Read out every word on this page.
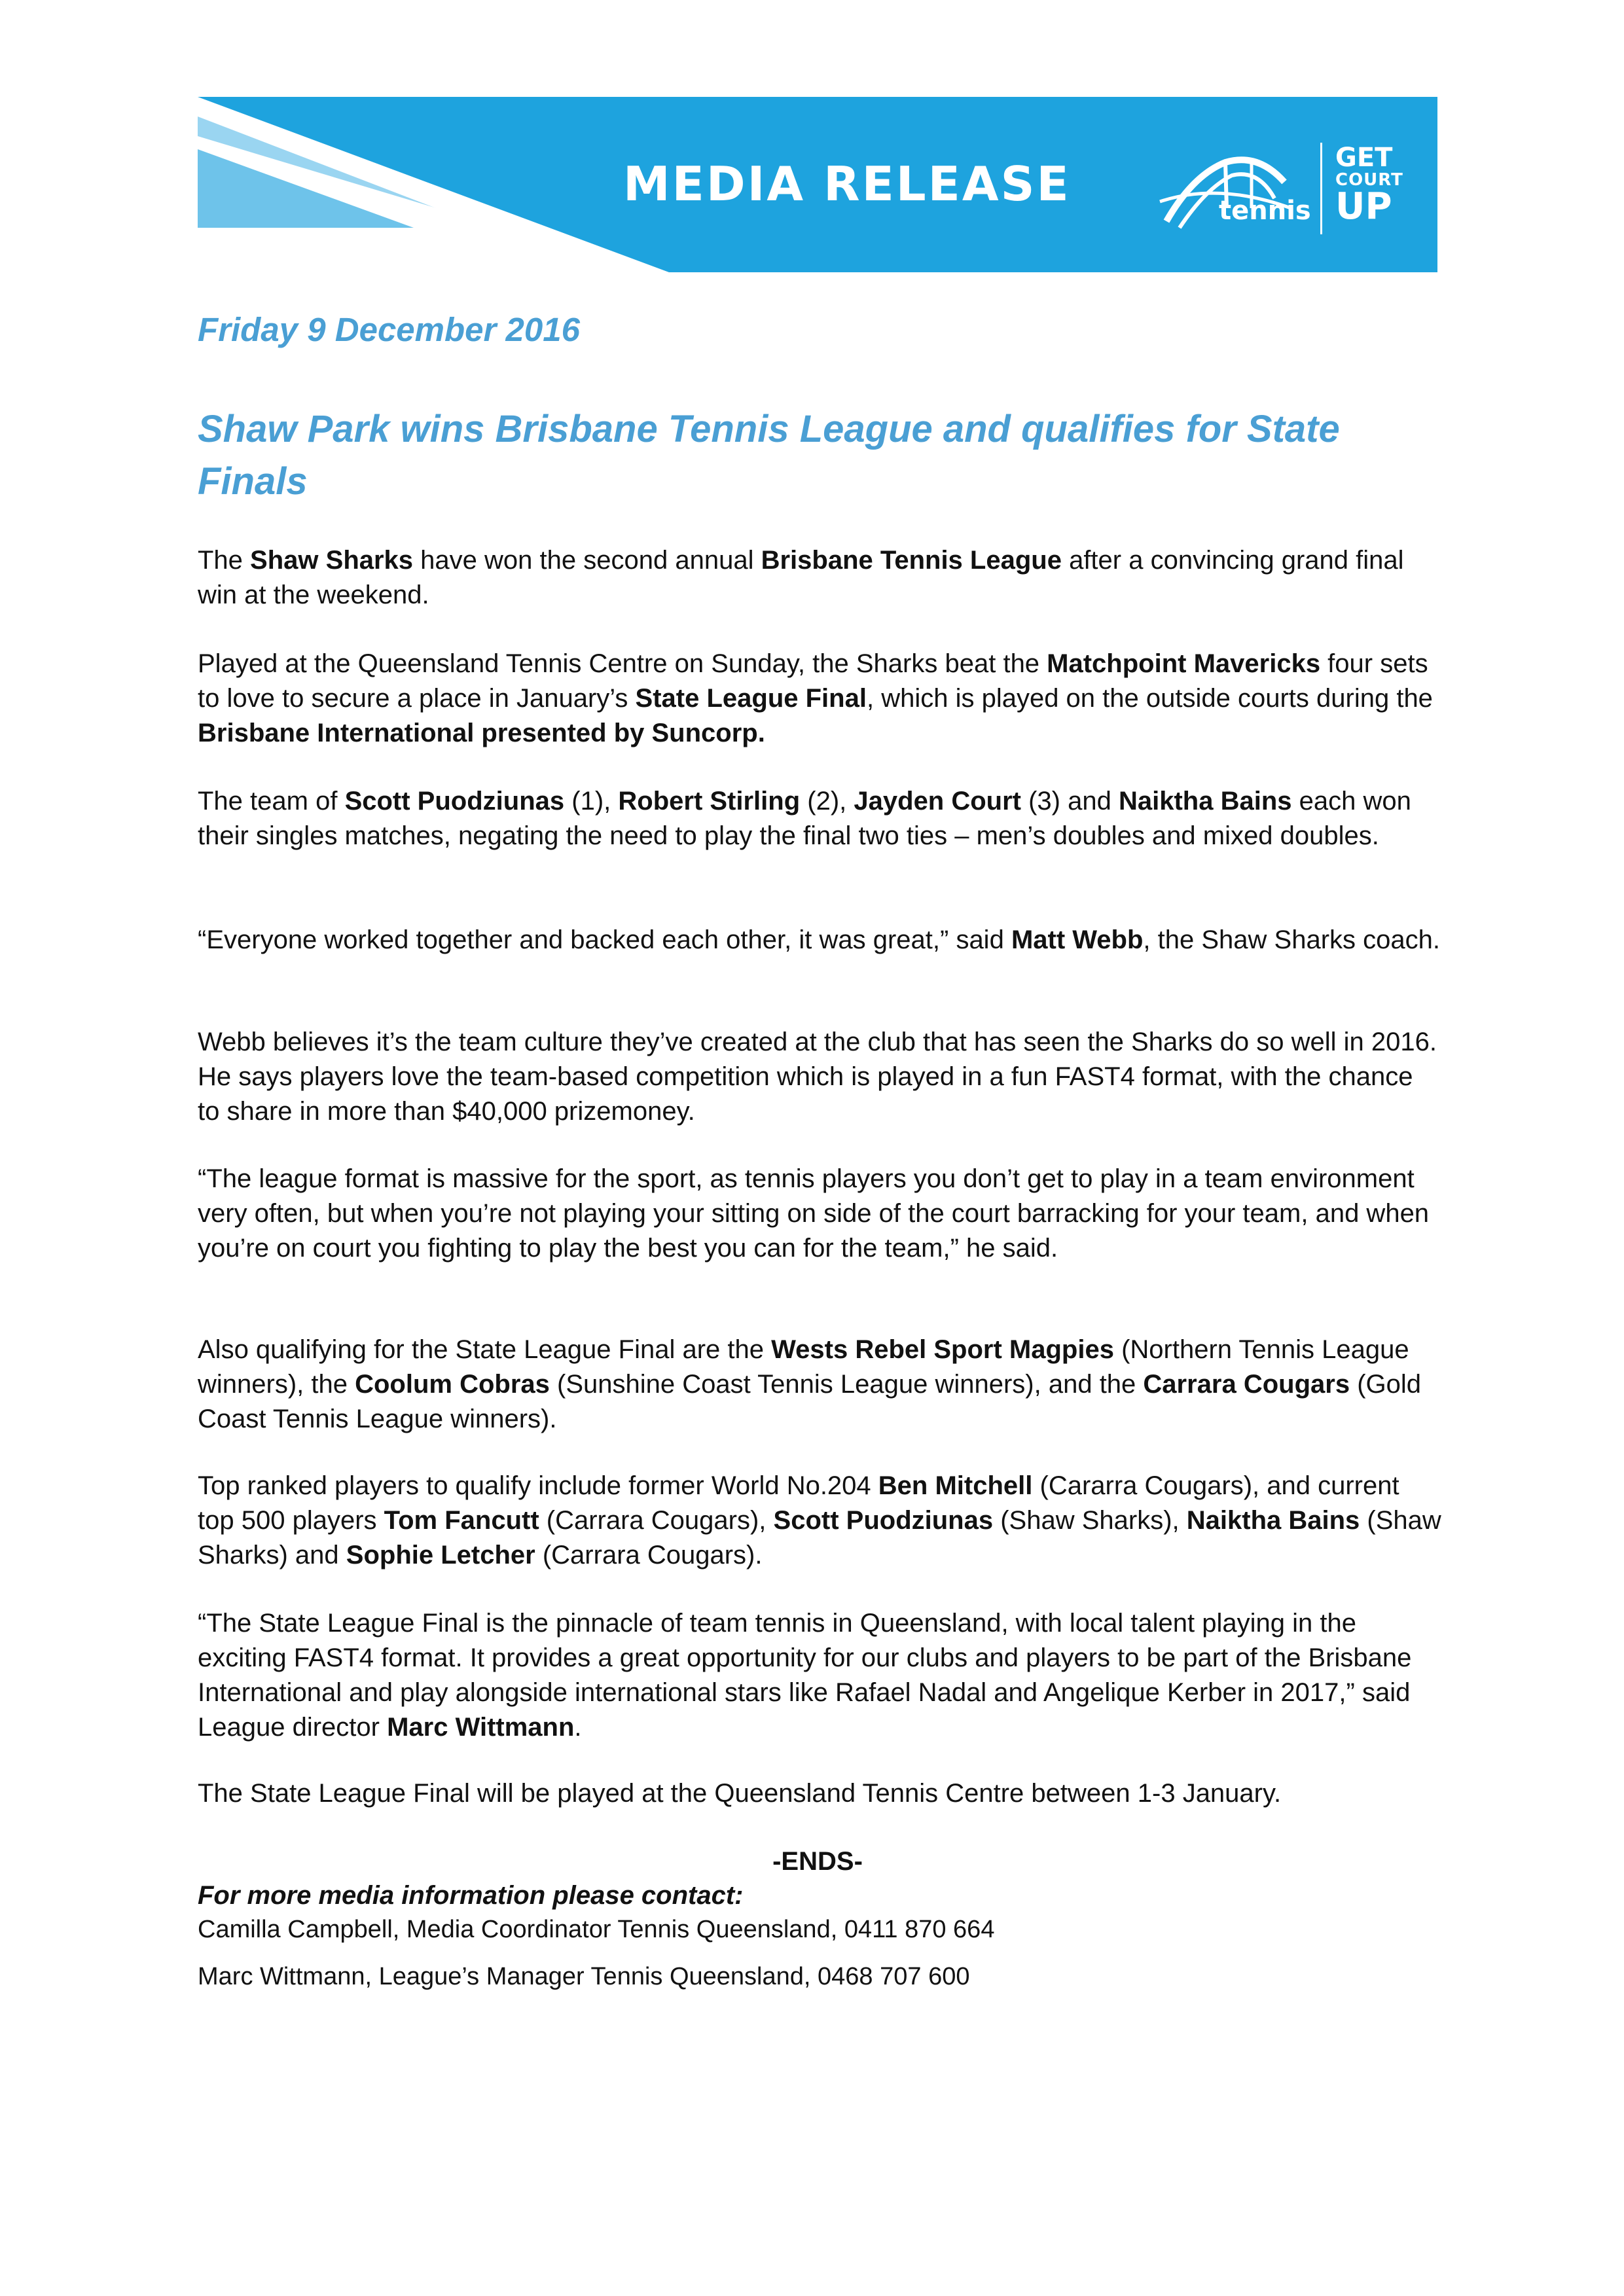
MEDIA RELEASE	tennis
GET
COURT
UP
Friday 9 December 2016
Shaw Park wins Brisbane Tennis League and qualifies for State Finals
The Shaw Sharks have won the second annual Brisbane Tennis League after a convincing grand final win at the weekend.
Played at the Queensland Tennis Centre on Sunday, the Sharks beat the Matchpoint Mavericks four sets to love to secure a place in January’s State League Final, which is played on the outside courts during the Brisbane International presented by Suncorp.
The team of Scott Puodziunas (1), Robert Stirling (2), Jayden Court (3) and Naiktha Bains each won their singles matches, negating the need to play the final two ties – men’s doubles and mixed doubles.
“Everyone worked together and backed each other, it was great,” said Matt Webb, the Shaw Sharks coach.
Webb believes it’s the team culture they’ve created at the club that has seen the Sharks do so well in 2016. He says players love the team-based competition which is played in a fun FAST4 format, with the chance to share in more than $40,000 prizemoney.
“The league format is massive for the sport, as tennis players you don’t get to play in a team environment very often, but when you’re not playing your sitting on side of the court barracking for your team, and when you’re on court you fighting to play the best you can for the team,” he said.
Also qualifying for the State League Final are the Wests Rebel Sport Magpies (Northern Tennis League winners), the Coolum Cobras (Sunshine Coast Tennis League winners), and the Carrara Cougars (Gold Coast Tennis League winners).
Top ranked players to qualify include former World No.204 Ben Mitchell (Cararra Cougars), and current top 500 players Tom Fancutt (Carrara Cougars), Scott Puodziunas (Shaw Sharks), Naiktha Bains (Shaw Sharks) and Sophie Letcher (Carrara Cougars).
“The State League Final is the pinnacle of team tennis in Queensland, with local talent playing in the exciting FAST4 format. It provides a great opportunity for our clubs and players to be part of the Brisbane International and play alongside international stars like Rafael Nadal and Angelique Kerber in 2017,” said League director Marc Wittmann.
The State League Final will be played at the Queensland Tennis Centre between 1-3 January.
-ENDS-
For more media information please contact:
Camilla Campbell, Media Coordinator Tennis Queensland, 0411 870 664
Marc Wittmann, League’s Manager Tennis Queensland, 0468 707 600
